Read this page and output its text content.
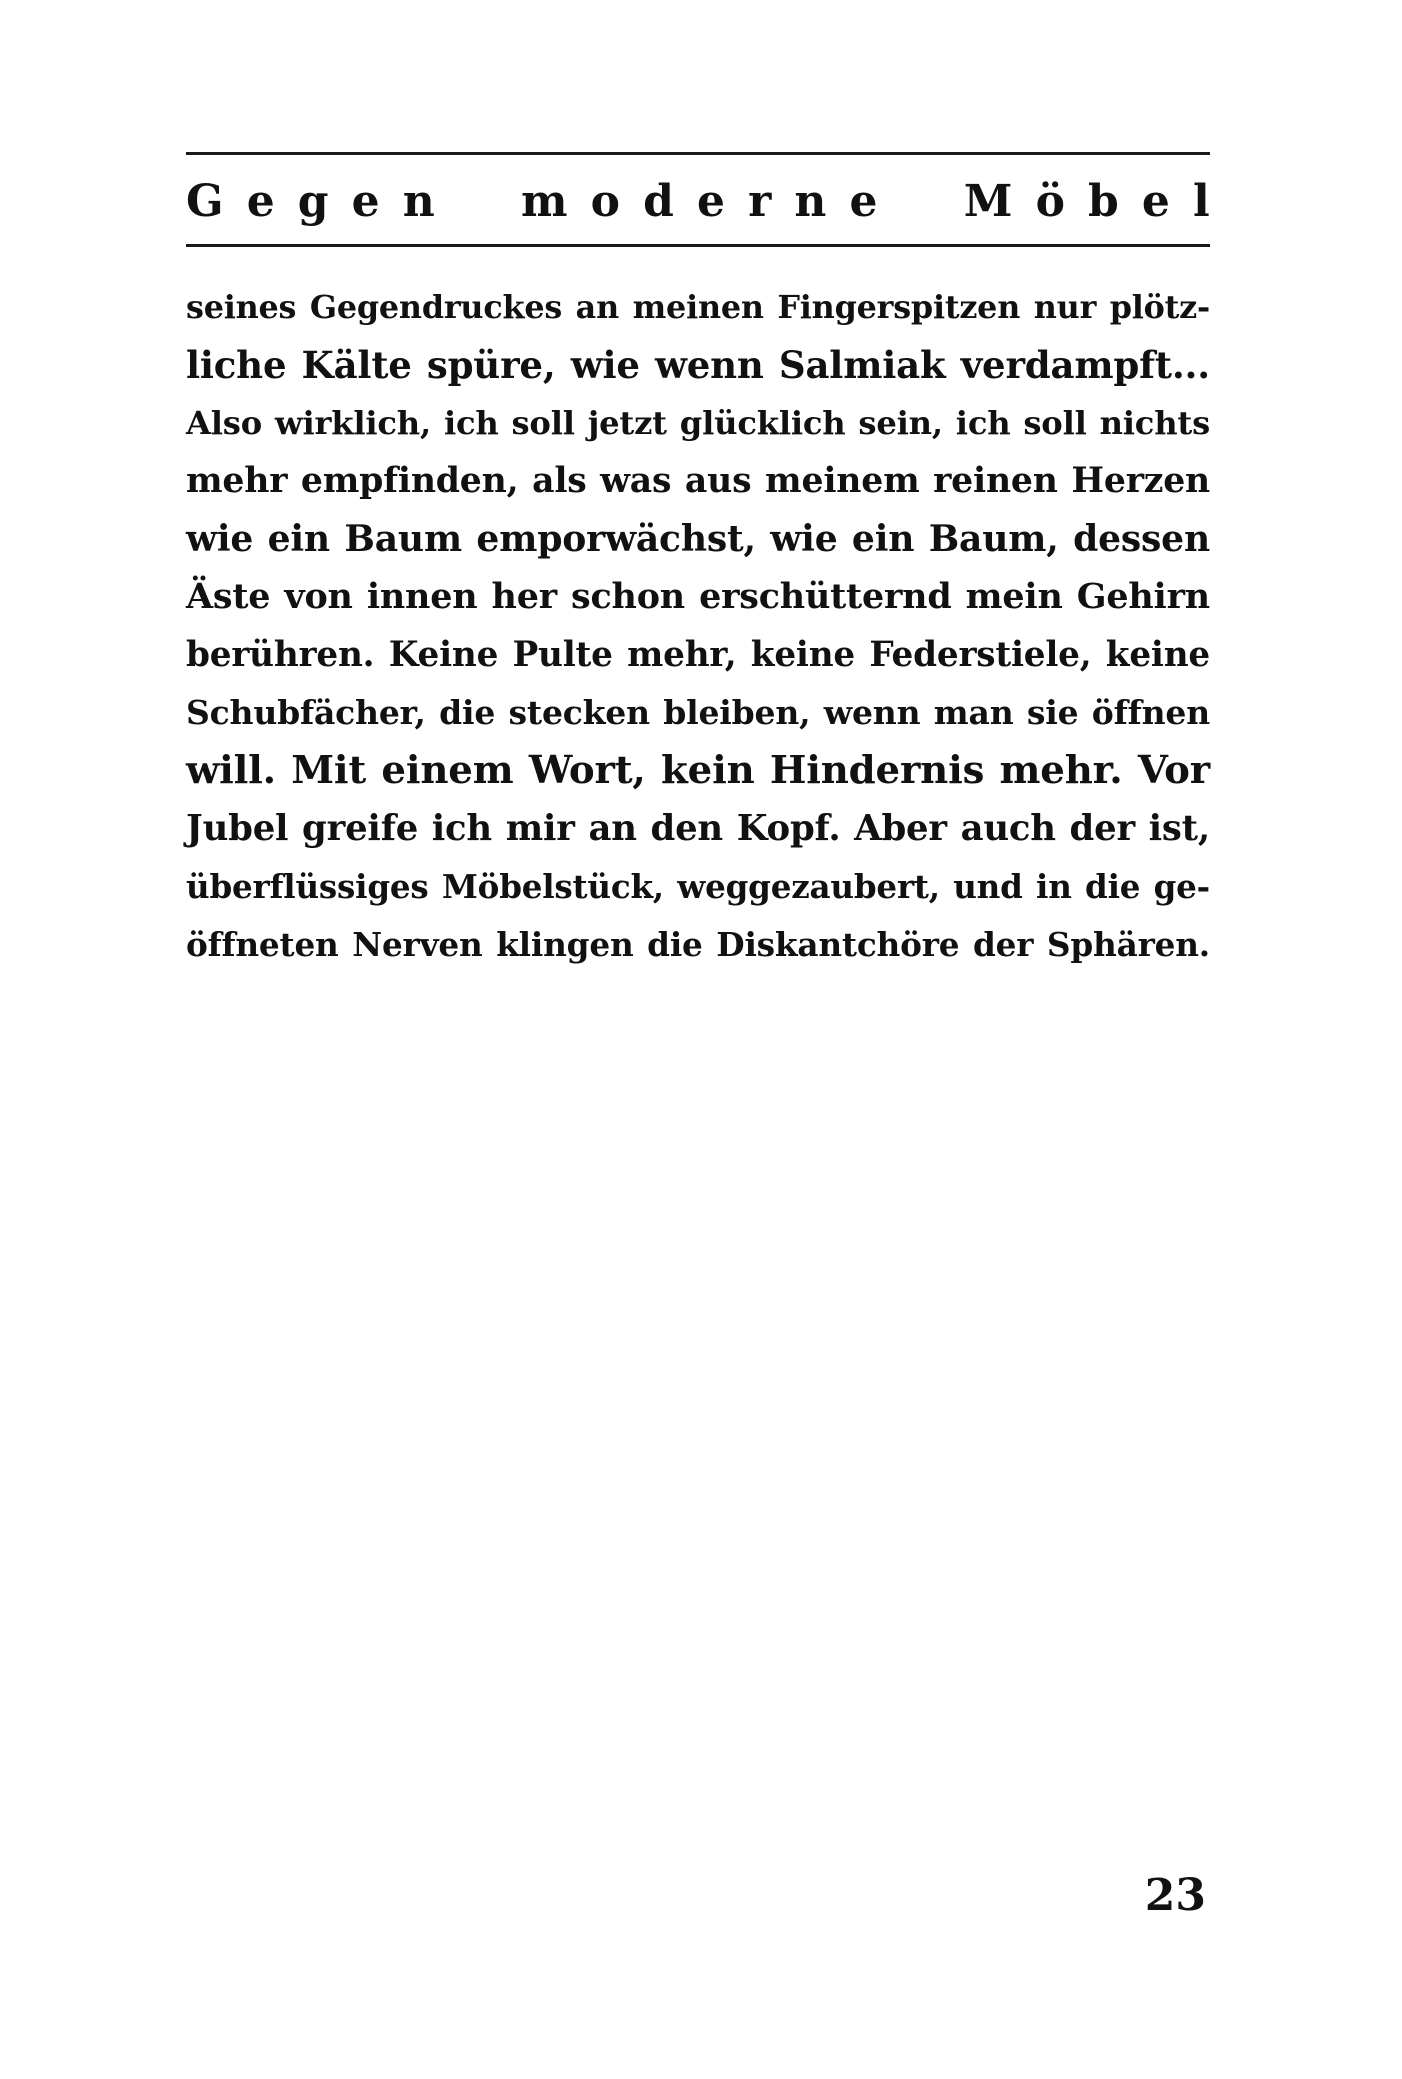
G e g e n m o d e r n e M ö b e l
seines Gegendruckes an meinen Fingerspitzen nur plötz-
liche Kälte spüre, wie wenn Salmiak verdampft...
Also wirklich, ich soll jetzt glücklich sein, ich soll nichts
mehr empfinden, als was aus meinem reinen Herzen
wie ein Baum emporwächst, wie ein Baum, dessen
Äste von innen her schon erschütternd mein Gehirn
berühren. Keine Pulte mehr, keine Federstiele, keine
Schubfächer, die stecken bleiben, wenn man sie öffnen
will. Mit einem Wort, kein Hindernis mehr. Vor
Jubel greife ich mir an den Kopf. Aber auch der ist,
überflüssiges Möbelstück, weggezaubert, und in die ge-
öffneten Nerven klingen die Diskantchöre der Sphären.
23
